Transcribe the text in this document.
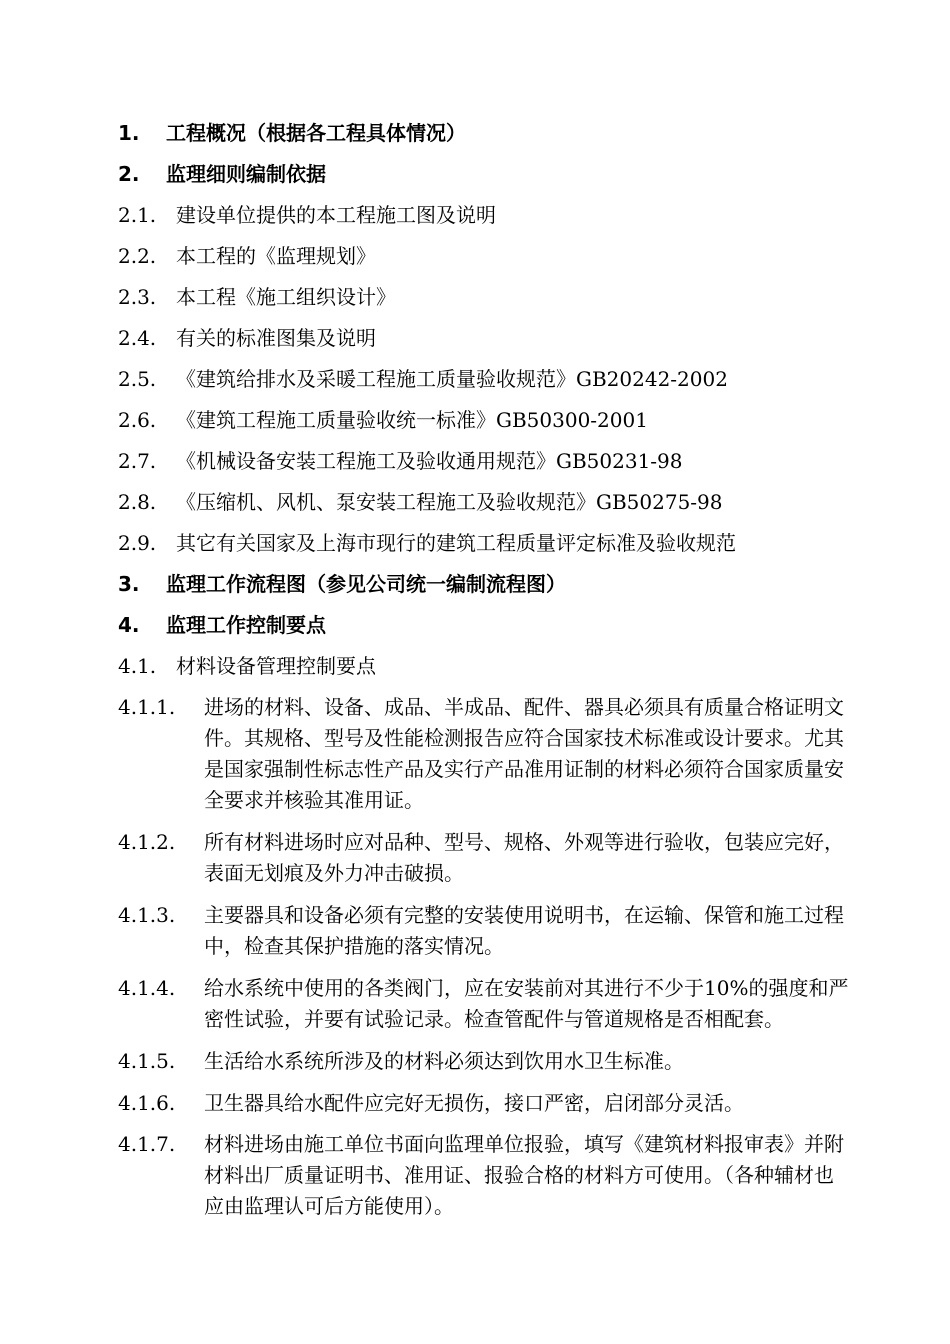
1. 工程概况（根据各工程具体情况）
2. 监理细则编制依据
2.1. 建设单位提供的本工程施工图及说明
2.2. 本工程的《监理规划》
2.3. 本工程《施工组织设计》
2.4. 有关的标准图集及说明
2.5. 《建筑给排水及采暖工程施工质量验收规范》GB20242-2002
2.6. 《建筑工程施工质量验收统一标准》GB50300-2001
2.7. 《机械设备安装工程施工及验收通用规范》GB50231-98
2.8. 《压缩机、风机、泵安装工程施工及验收规范》GB50275-98
2.9. 其它有关国家及上海市现行的建筑工程质量评定标准及验收规范
3. 监理工作流程图（参见公司统一编制流程图）
4. 监理工作控制要点
4.1. 材料设备管理控制要点
4.1.1. 进场的材料、设备、成品、半成品、配件、器具必须具有质量合格证明文件。其规格、型号及性能检测报告应符合国家技术标准或设计要求。尤其是国家强制性标志性产品及实行产品准用证制的材料必须符合国家质量安全要求并核验其准用证。
4.1.2. 所有材料进场时应对品种、型号、规格、外观等进行验收，包装应完好，表面无划痕及外力冲击破损。
4.1.3. 主要器具和设备必须有完整的安装使用说明书，在运输、保管和施工过程中，检查其保护措施的落实情况。
4.1.4. 给水系统中使用的各类阀门，应在安装前对其进行不少于10%的强度和严密性试验，并要有试验记录。检查管配件与管道规格是否相配套。
4.1.5. 生活给水系统所涉及的材料必须达到饮用水卫生标准。
4.1.6. 卫生器具给水配件应完好无损伤，接口严密，启闭部分灵活。
4.1.7. 材料进场由施工单位书面向监理单位报验，填写《建筑材料报审表》并附材料出厂质量证明书、准用证、报验合格的材料方可使用。（各种辅材也应由监理认可后方能使用）。
